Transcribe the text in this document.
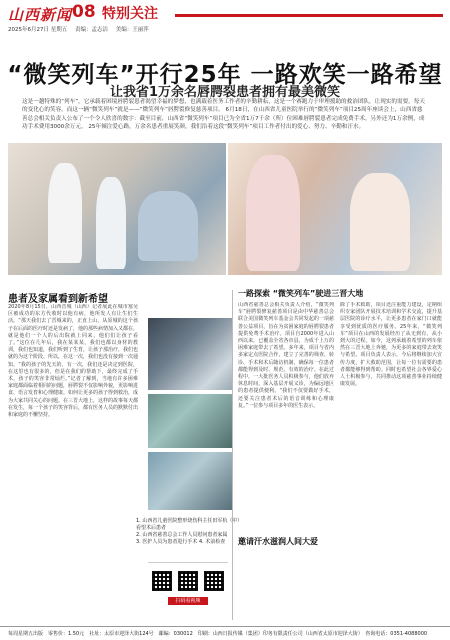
山西新闻 08 特别关注
2025年6月27日 星期五 责编：孟志洁 美编：王丽萍
“微笑列车”开行25年 一路欢笑一路希望
让我省1万余名唇腭裂患者拥有最美微笑
这是一趟特殊的“列车”，它承载着困境唇腭裂患者渴望幸福的梦想，也满载着医务工作者的辛勤耕耘，这是一个赛跑力于审理援助的救治团队，让现实的需要，每天的变化心的笑容，而这一辆“微笑列车”就是——“微笑列车”唇腭裂修复慈善项目。 6月18日，在山西省儿童医院举行的“微笑列车”项目25周年座谈会上，山西省慈善总会相关负责人公布了一个令人欣喜的数字：截至目前，山西省“微笑列车”项目已为全省1万7千余（所）位困难唇腭裂患者完成免费手术，另外还为1万余例，成功手术费用3000余万元。 25年倾注爱心路，万余名患者重展笑颜，我们沿着这段“微笑列车”项目工作者付出的爱心、努力、辛勤和汗水。
患者及家属看到新希望
2020年8月15日，山西晋城（山西）记者展此在城市塞吴区被成功的东方代收时以他有病，他所发人有让生们生活。“那天我们去了晋城来的，正直上山，从原城的这个孩子在后面的医疗时还是发病了，他的那些病情加入又都在，就是他们一个人的后出院就上同来，他们们让孩子看了。”这位在几年后，我在某某某，我们也都以身材的教训，我们也知道，我们听到了生育，让孩子那治疗，我们也就的为这个阶段。所以，在这一次，我们也没有接到一次通知，“我的孩子的先天的，有一次，我们还是决定到医院，在这里也有很多的，但是在我们的帮助下，最终完成了手术，孩子的笑容非常灿烂。”记者了解到，当地有许多困难家庭都面临着相同的问题，唇腭裂不仅影响外貌，更影响进食、语言发育和心理健康。如何让更多的孩子得到救治，成为大家共同关心的问题。在三晋大地上，这样的故事每天都在发生，每一个孩子的笑容背后，都有医务人员的默默付出和家庭的不懈坚持。
1. 山西省儿童医院整形烧伤科主任田军杭（中）看望术后患者
2. 山西省慈善总会工作人员慰问患者家属
3. 医护人员为患者进行手术 4. 术前检查
扫码看视频
一路探索 “微笑列车”驶进三晋大地
山西省慈善总会相关负责人介绍，“微笑列车”唇腭裂修复慈善项目是由中华慈善总会联合美国微笑列车基金会共同发起的一项慈善公益项目，旨在为贫困家庭的唇腭裂患者提供免费手术治疗。项目自2000年进入山西以来，已覆盖全省各市县，为成千上万的困难家庭带去了希望。多年来，项目与省内多家定点医院合作，建立了完善的筛查、转诊、手术和术后随访机制，确保每一位患者都能得到及时、规范、有效的治疗。在此过程中，一大批医务人员积极参与，他们放弃休息时间，深入基层开展义诊，为偏远地区的患者提供便利。“我们不仅要做好手术，还要关注患者术后的语音训练和心理康复。”一位参与项目多年的医生表示。
除了手术救助，项目还注重能力建设，定期组织专家团队开展技术培训和学术交流，提升基层医院的诊疗水平，让更多患者在家门口就能享受到优质的医疗服务。25年来，“微笑列车”项目在山西的发展经历了从无到有、从小到大的过程。如今，这列承载着希望的列车依然在三晋大地上奔驰，为更多的家庭带去欢笑与希望。项目负责人表示，今后将继续加大宣传力度，扩大救助范围，让每一位有需要的患者都能够得到帮助。同时也希望社会各界爱心人士积极参与，共同推动这项慈善事业持续健康发展。
邀请汗水滋润人间大爱
每周星期五出版　零售价：1.50元　社址：太原市迎泽大街124号　邮编：030012　印刷：山西日报传媒（集团）印务有限责任公司（山西省太原市迎泽大街）　咨询电话：0351-4088000
